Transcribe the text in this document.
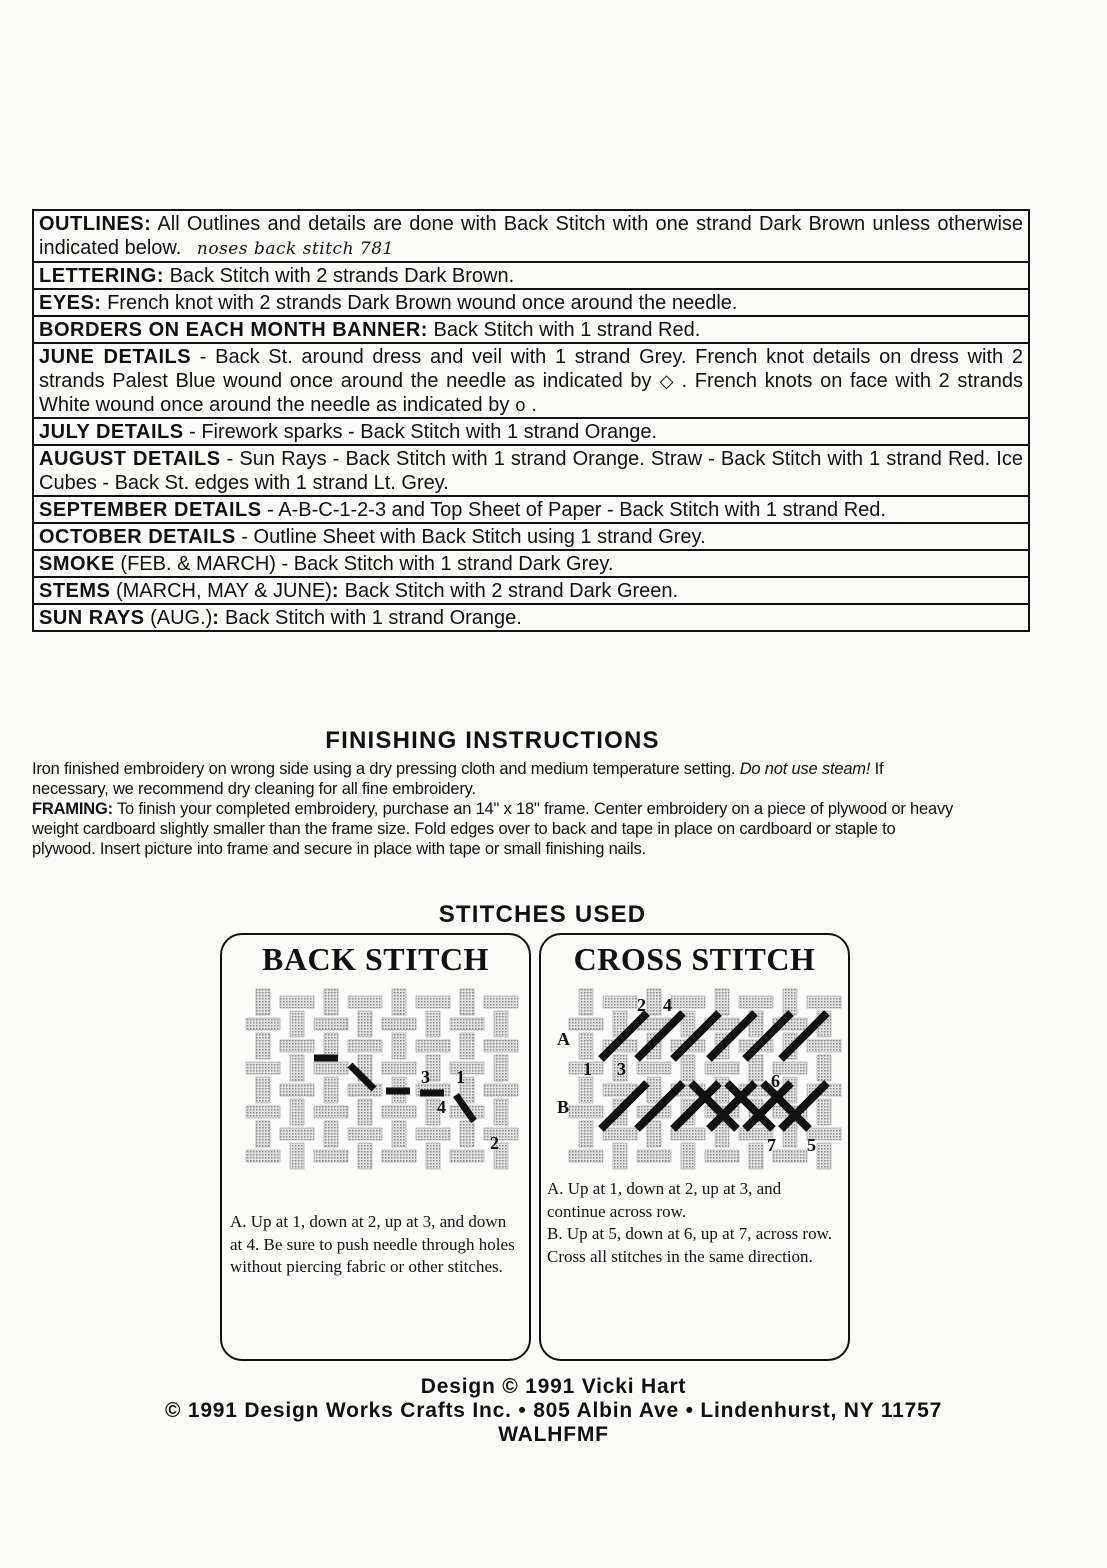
OUTLINES: All Outlines and details are done with Back Stitch with one strand Dark Brown unless otherwise indicated below. noses back stitch 781
LETTERING: Back Stitch with 2 strands Dark Brown.
EYES: French knot with 2 strands Dark Brown wound once around the needle.
BORDERS ON EACH MONTH BANNER: Back Stitch with 1 strand Red.
JUNE DETAILS - Back St. around dress and veil with 1 strand Grey. French knot details on dress with 2 strands Palest Blue wound once around the needle as indicated by ◇ . French knots on face with 2 strands White wound once around the needle as indicated by o .
JULY DETAILS - Firework sparks - Back Stitch with 1 strand Orange.
AUGUST DETAILS - Sun Rays - Back Stitch with 1 strand Orange. Straw - Back Stitch with 1 strand Red. Ice Cubes - Back St. edges with 1 strand Lt. Grey.
SEPTEMBER DETAILS - A-B-C-1-2-3 and Top Sheet of Paper - Back Stitch with 1 strand Red.
OCTOBER DETAILS - Outline Sheet with Back Stitch using 1 strand Grey.
SMOKE (FEB. & MARCH) - Back Stitch with 1 strand Dark Grey.
STEMS (MARCH, MAY & JUNE): Back Stitch with 2 strand Dark Green.
SUN RAYS (AUG.): Back Stitch with 1 strand Orange.
FINISHING INSTRUCTIONS

Iron finished embroidery on wrong side using a dry pressing cloth and medium temperature setting. Do not use steam! If necessary, we recommend dry cleaning for all fine embroidery.

FRAMING: To finish your completed embroidery, purchase an 14" x 18" frame. Center embroidery on a piece of plywood or heavy weight cardboard slightly smaller than the frame size. Fold edges over to back and tape in place on cardboard or staple to plywood. Insert picture into frame and secure in place with tape or small finishing nails.

STITCHES USED
BACK STITCH
3 1
4
2

A. Up at 1, down at 2, up at 3, and down at 4. Be sure to push needle through holes without piercing fabric or other stitches.

CROSS STITCH
A
B
2 4
1 3
6
7 5

A. Up at 1, down at 2, up at 3, and continue across row.

B. Up at 5, down at 6, up at 7, across row.

Cross all stitches in the same direction.

Design © 1991 Vicki Hart
© 1991 Design Works Crafts Inc. • 805 Albin Ave • Lindenhurst, NY 11757
WALHFMF
